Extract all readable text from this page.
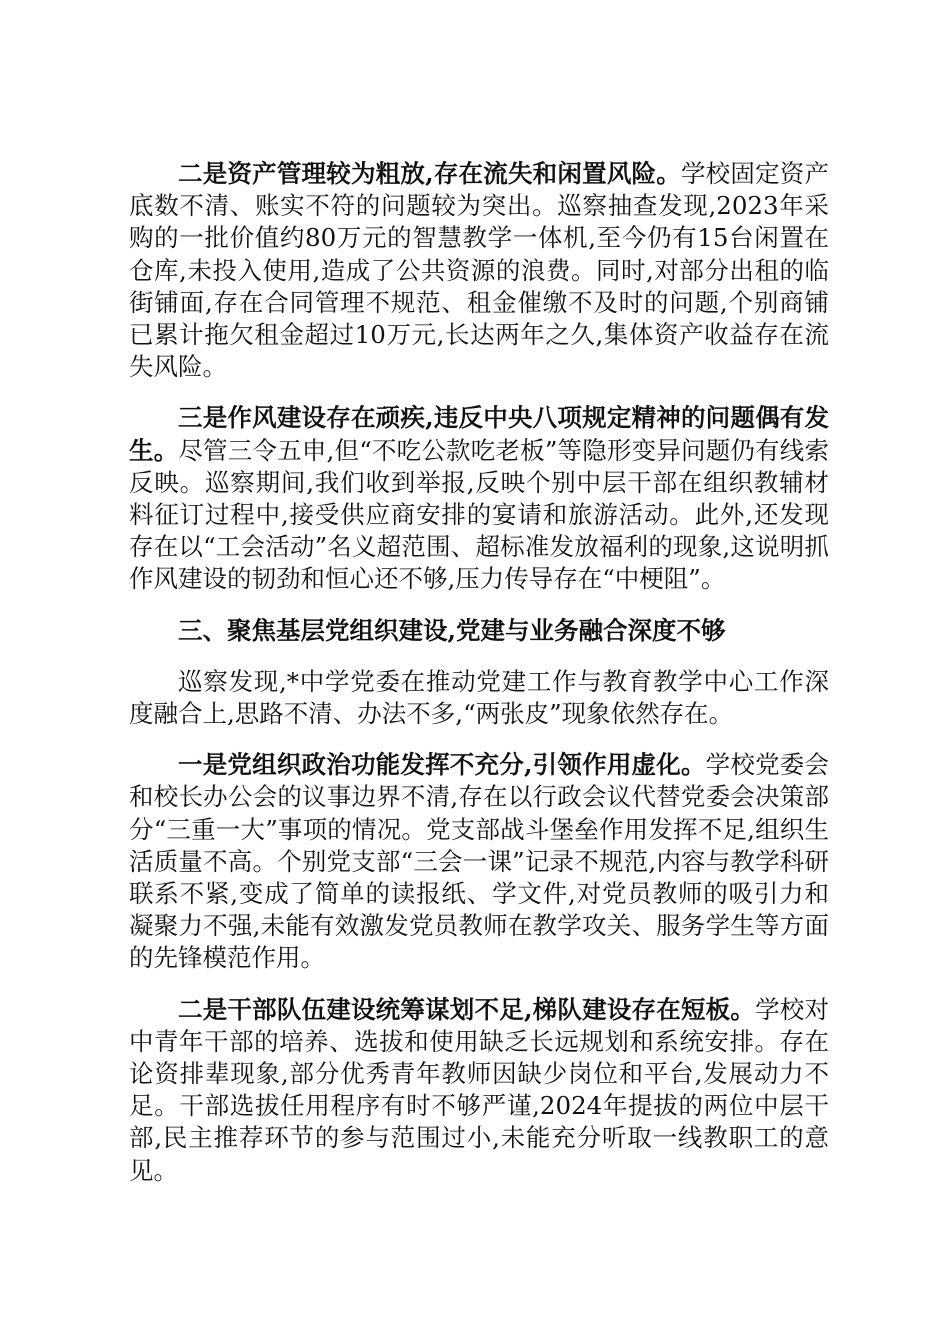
二是资产管理较为粗放,存在流失和闲置风险。学校固定资产底数不清、账实不符的问题较为突出。巡察抽查发现,2023年采购的一批价值约80万元的智慧教学一体机,至今仍有15台闲置在仓库,未投入使用,造成了公共资源的浪费。同时,对部分出租的临街铺面,存在合同管理不规范、租金催缴不及时的问题,个别商铺已累计拖欠租金超过10万元,长达两年之久,集体资产收益存在流失风险。

三是作风建设存在顽疾,违反中央八项规定精神的问题偶有发生。尽管三令五申,但“不吃公款吃老板”等隐形变异问题仍有线索反映。巡察期间,我们收到举报,反映个别中层干部在组织教辅材料征订过程中,接受供应商安排的宴请和旅游活动。此外,还发现存在以“工会活动”名义超范围、超标准发放福利的现象,这说明抓作风建设的韧劲和恒心还不够,压力传导存在“中梗阻”。

三、聚焦基层党组织建设,党建与业务融合深度不够

巡察发现,*中学党委在推动党建工作与教育教学中心工作深度融合上,思路不清、办法不多,“两张皮”现象依然存在。

一是党组织政治功能发挥不充分,引领作用虚化。学校党委会和校长办公会的议事边界不清,存在以行政会议代替党委会决策部分“三重一大”事项的情况。党支部战斗堡垒作用发挥不足,组织生活质量不高。个别党支部“三会一课”记录不规范,内容与教学科研联系不紧,变成了简单的读报纸、学文件,对党员教师的吸引力和凝聚力不强,未能有效激发党员教师在教学攻关、服务学生等方面的先锋模范作用。

二是干部队伍建设统筹谋划不足,梯队建设存在短板。学校对中青年干部的培养、选拔和使用缺乏长远规划和系统安排。存在论资排辈现象,部分优秀青年教师因缺少岗位和平台,发展动力不足。干部选拔任用程序有时不够严谨,2024年提拔的两位中层干部,民主推荐环节的参与范围过小,未能充分听取一线教职工的意见。
